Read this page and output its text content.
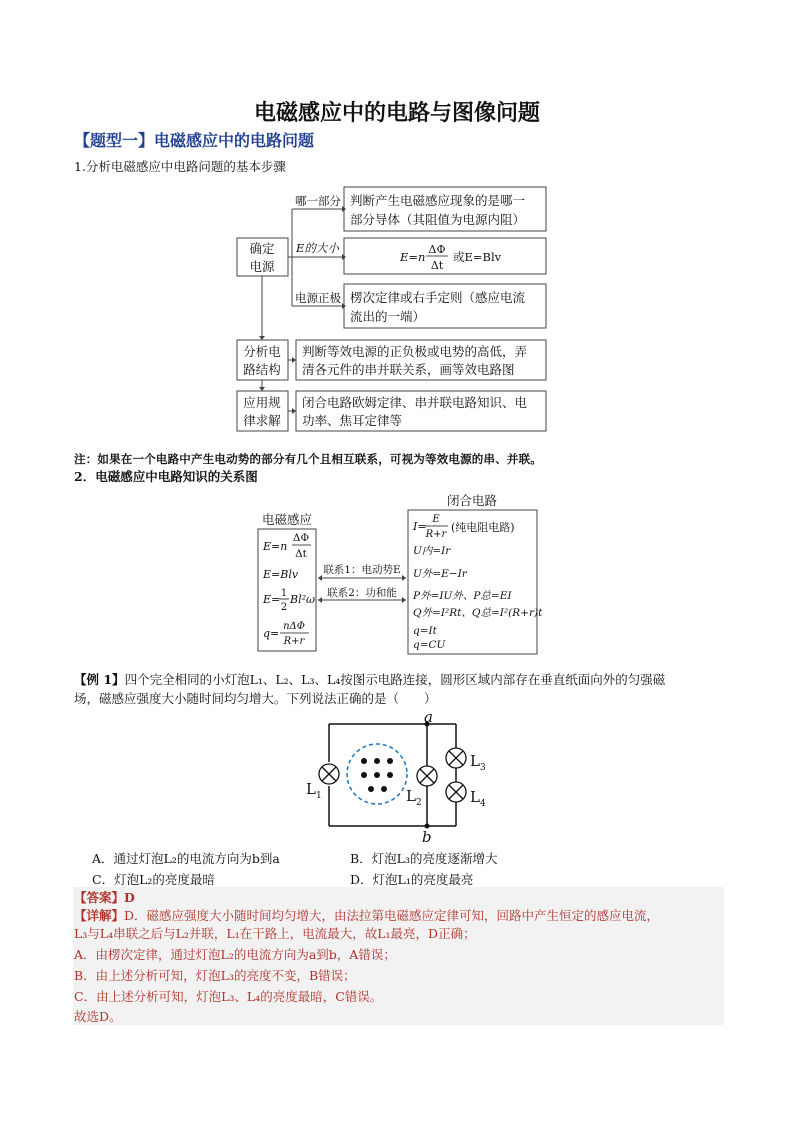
电磁感应中的电路与图像问题
【题型一】电磁感应中的电路问题
1.分析电磁感应中电路问题的基本步骤
确定
电源
哪一部分
E的大小
电源正极
判断产生电磁感应现象的是哪一
部分导体（其阻值为电源内阻）
E=n
ΔΦ
Δt
或E=Blv
楞次定律或右手定则（感应电流
流出的一端）
分析电
路结构
判断等效电源的正负极或电势的高低，弄
清各元件的串并联关系，画等效电路图
应用规
律求解
闭合电路欧姆定律、串并联电路知识、电
功率、焦耳定律等
电磁感应
闭合电路
E=n
ΔΦ
Δt
E=Blv
E= 1
2
Bl²ω
q=
nΔΦ
R+r
联系1：电动势E
联系2：功和能
I=
E
R+r
(纯电阻电路)
U内=Ir
U外=E−Ir
P外=IU外、P总=EI
Q外=I²Rt、Q总=I²(R+r)t
q=It
q=CU
a
b
L 1	L 2
L 3
L 4
注：如果在一个电路中产生电动势的部分有几个且相互联系，可视为等效电源的串、并联。
2．电磁感应中电路知识的关系图
【例 1】四个完全相同的小灯泡L₁、L₂、L₃、L₄按图示电路连接，圆形区域内部存在垂直纸面向外的匀强磁
场，磁感应强度大小随时间均匀增大。下列说法正确的是（　　）
A．通过灯泡L₂的电流方向为b到a	B．灯泡L₃的亮度逐渐增大
C．灯泡L₂的亮度最暗	D．灯泡L₁的亮度最亮
【答案】D
【详解】D．磁感应强度大小随时间均匀增大，由法拉第电磁感应定律可知，回路中产生恒定的感应电流，
L₃与L₄串联之后与L₂并联，L₁在干路上，电流最大，故L₁最亮，D正确；
A．由楞次定律，通过灯泡L₂的电流方向为a到b，A错误；
B．由上述分析可知，灯泡L₃的亮度不变，B错误；
C．由上述分析可知，灯泡L₃、L₄的亮度最暗，C错误。
故选D。
